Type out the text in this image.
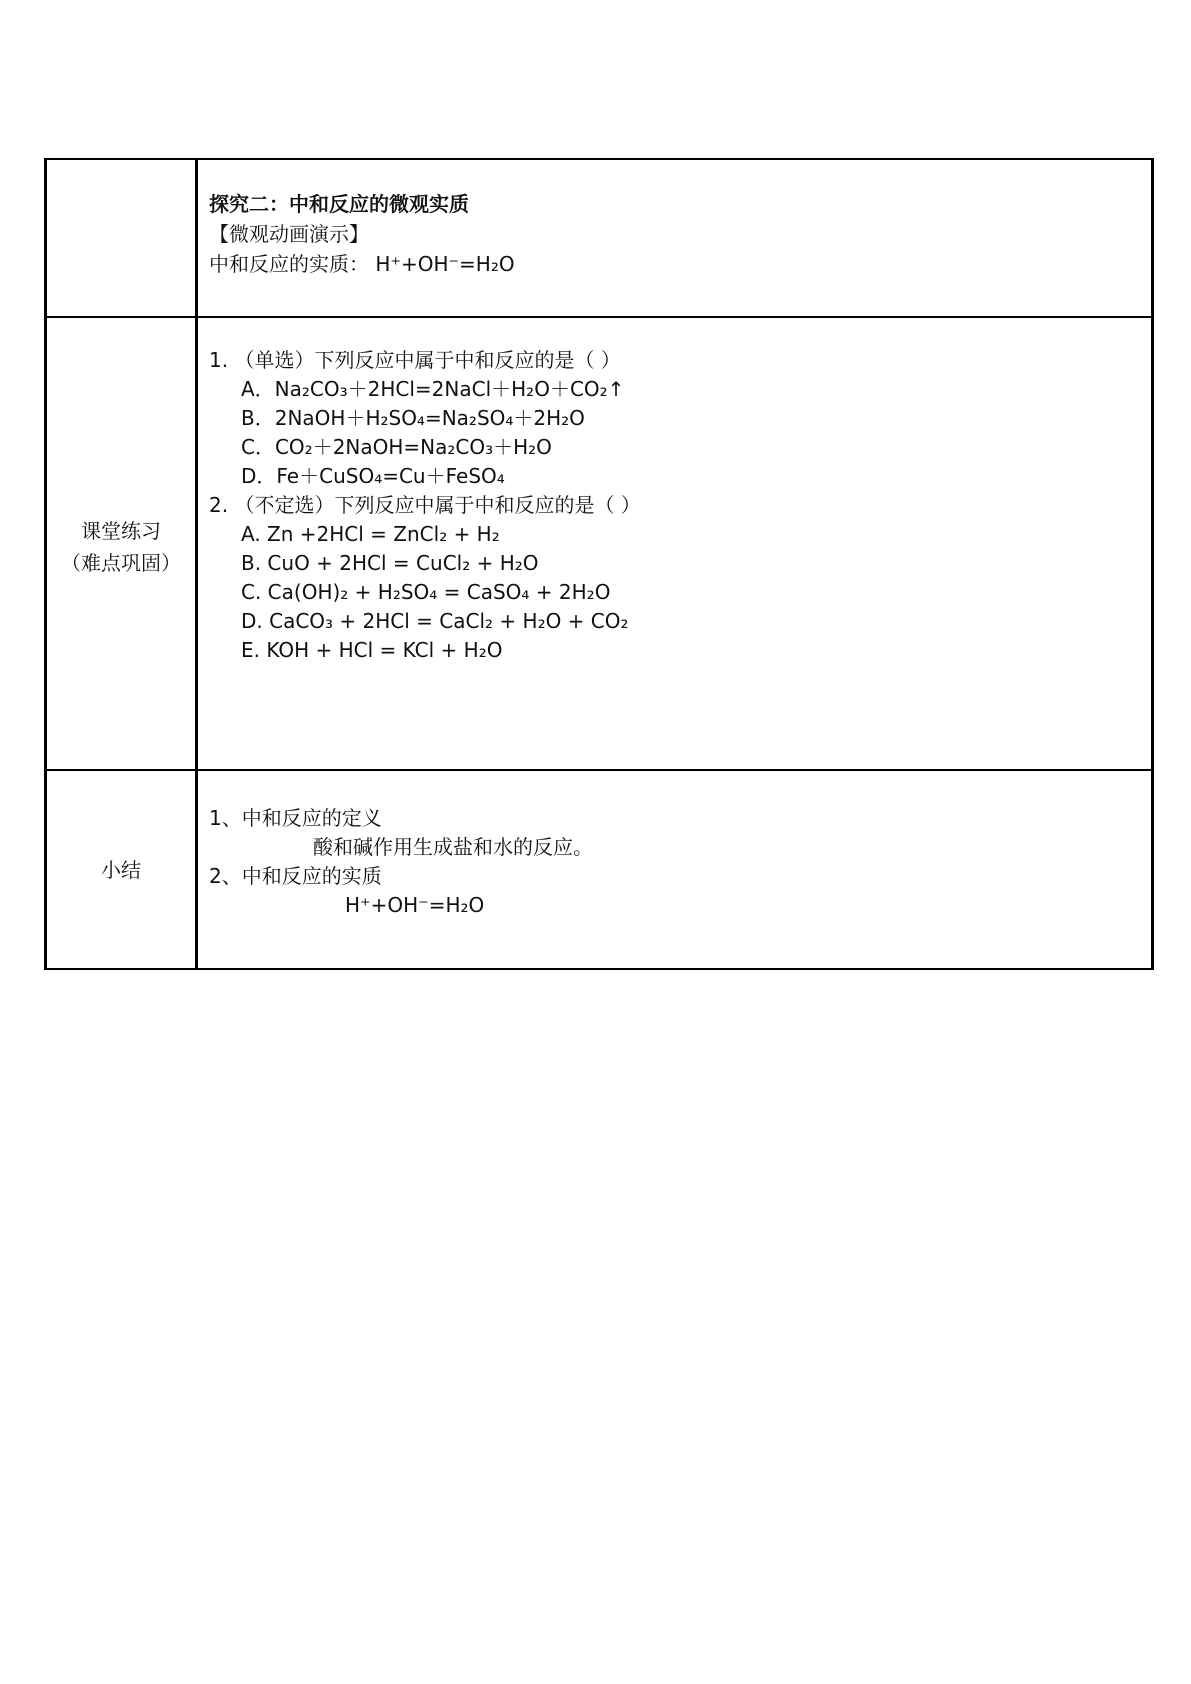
探究二：中和反应的微观实质
【微观动画演示】
中和反应的实质： H⁺+OH⁻=H₂O
课堂练习
（难点巩固）
1. （单选）下列反应中属于中和反应的是（ ）
A．Na₂CO₃＋2HCl=2NaCl＋H₂O＋CO₂↑
B．2NaOH＋H₂SO₄=Na₂SO₄＋2H₂O
C．CO₂＋2NaOH=Na₂CO₃＋H₂O
D．Fe＋CuSO₄=Cu＋FeSO₄
2. （不定选）下列反应中属于中和反应的是（ ）
A. Zn +2HCl = ZnCl₂ + H₂
B. CuO + 2HCl = CuCl₂ + H₂O
C. Ca(OH)₂ + H₂SO₄ = CaSO₄ + 2H₂O
D. CaCO₃ + 2HCl = CaCl₂ + H₂O + CO₂
E. KOH + HCl = KCl + H₂O
小结
1、中和反应的定义
酸和碱作用生成盐和水的反应。
2、中和反应的实质
H⁺+OH⁻=H₂O
